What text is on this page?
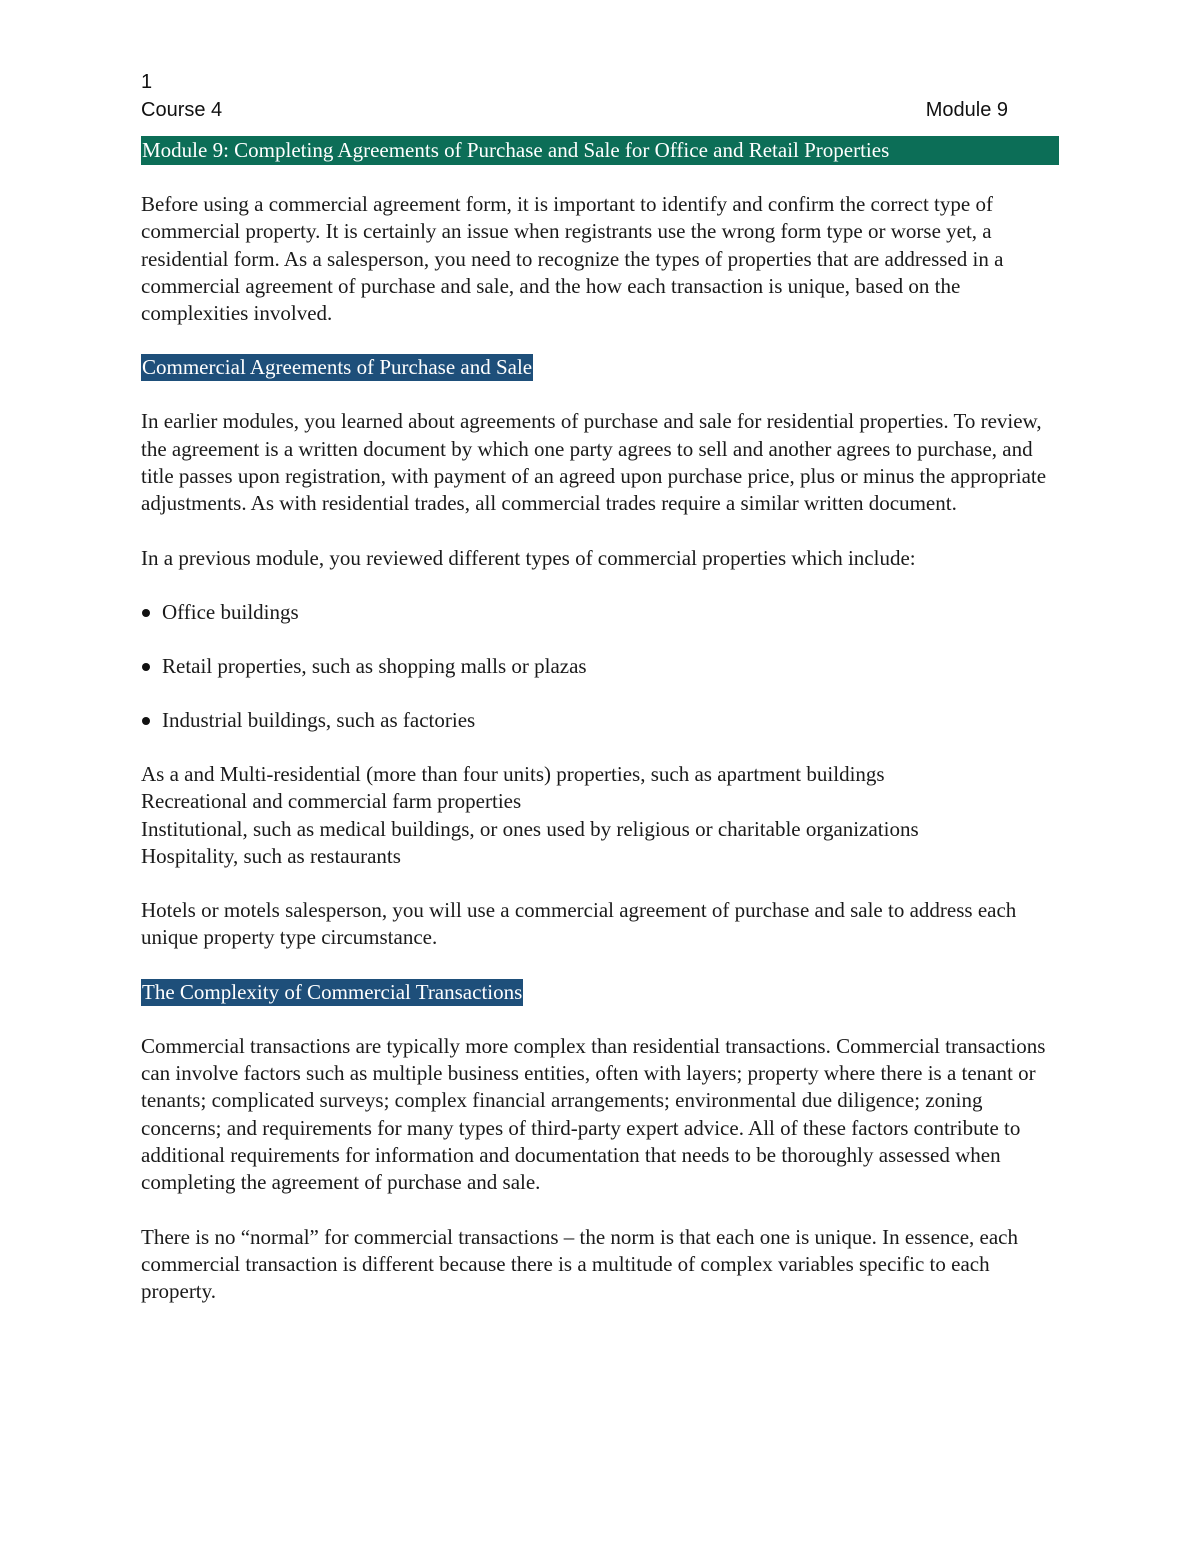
1
Course 4	Module 9
Module 9: Completing Agreements of Purchase and Sale for Office and Retail Properties

Before using a commercial agreement form, it is important to identify and confirm the correct type of commercial property. It is certainly an issue when registrants use the wrong form type or worse yet, a residential form. As a salesperson, you need to recognize the types of properties that are addressed in a commercial agreement of purchase and sale, and the how each transaction is unique, based on the complexities involved.

Commercial Agreements of Purchase and Sale

In earlier modules, you learned about agreements of purchase and sale for residential properties. To review, the agreement is a written document by which one party agrees to sell and another agrees to purchase, and title passes upon registration, with payment of an agreed upon purchase price, plus or minus the appropriate adjustments. As with residential trades, all commercial trades require a similar written document.

In a previous module, you reviewed different types of commercial properties which include:

Office buildings
Retail properties, such as shopping malls or plazas
Industrial buildings, such as factories

As a and Multi-residential (more than four units) properties, such as apartment buildings
Recreational and commercial farm properties
Institutional, such as medical buildings, or ones used by religious or charitable organizations
Hospitality, such as restaurants

Hotels or motels salesperson, you will use a commercial agreement of purchase and sale to address each unique property type circumstance.

The Complexity of Commercial Transactions

Commercial transactions are typically more complex than residential transactions. Commercial transactions can involve factors such as multiple business entities, often with layers; property where there is a tenant or tenants; complicated surveys; complex financial arrangements; environmental due diligence; zoning concerns; and requirements for many types of third-party expert advice. All of these factors contribute to additional requirements for information and documentation that needs to be thoroughly assessed when completing the agreement of purchase and sale.

There is no “normal” for commercial transactions – the norm is that each one is unique. In essence, each commercial transaction is different because there is a multitude of complex variables specific to each property.
